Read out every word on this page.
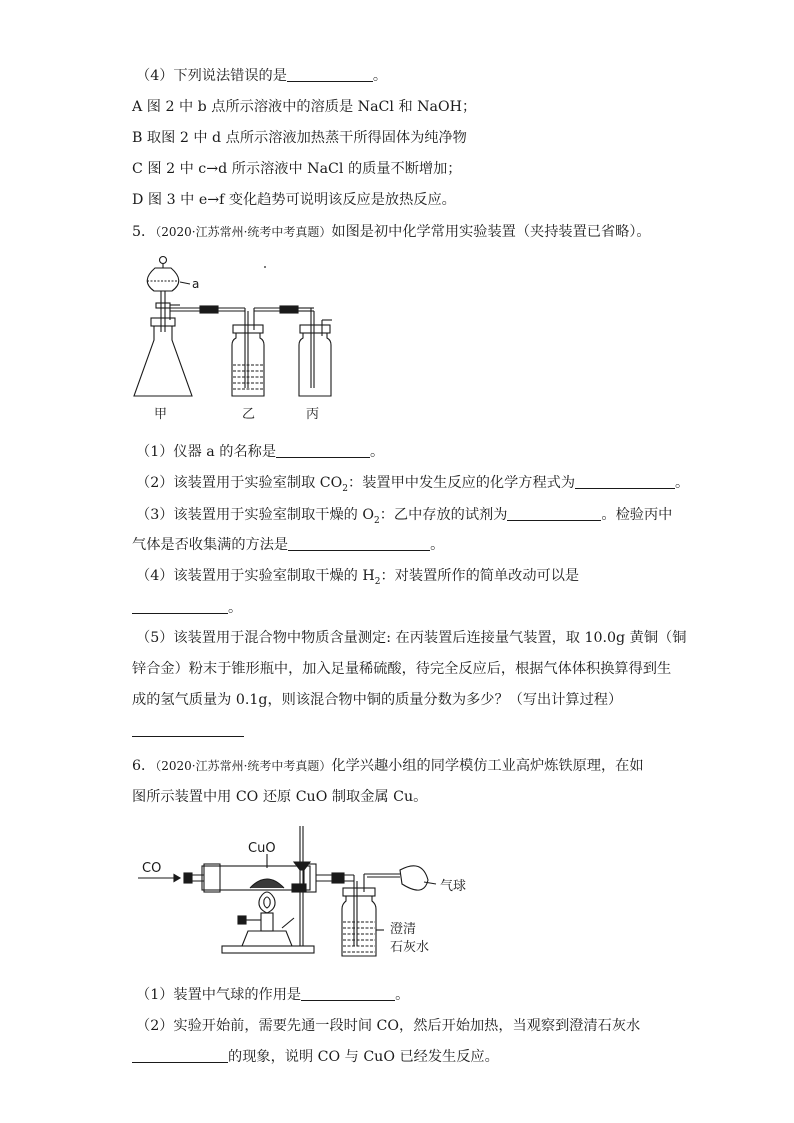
（4）下列说法错误的是	。
A 图 2 中 b 点所示溶液中的溶质是 NaCl 和 NaOH；
B 取图 2 中 d 点所示溶液加热蒸干所得固体为纯净物
C 图 2 中 c→d 所示溶液中 NaCl 的质量不断增加；
D 图 3 中 e→f 变化趋势可说明该反应是放热反应。
5．（2020·江苏常州·统考中考真题）如图是初中化学常用实验装置（夹持装置已省略）。
a
甲	乙	丙
（1）仪器 a 的名称是	。
（2）该装置用于实验室制取 $CO_2$：装置甲中发生反应的化学方程式为	。
（3）该装置用于实验室制取干燥的 $O_2$：乙中存放的试剂为	。检验丙中
气体是否收集满的方法是	。
（4）该装置用于实验室制取干燥的 $H_2$：对装置所作的简单改动可以是
。
（5）该装置用于混合物中物质含量测定: 在丙装置后连接量气装置，取 10.0g 黄铜（铜
锌合金）粉末于锥形瓶中，加入足量稀硫酸，待完全反应后，根据气体体积换算得到生
成的氢气质量为 0.1g，则该混合物中铜的质量分数为多少？（写出计算过程）
6．（2020·江苏常州·统考中考真题）化学兴趣小组的同学模仿工业高炉炼铁原理，在如
图所示装置中用 CO 还原 CuO 制取金属 Cu。
CO
CuO
气球
澄清
石灰水
（1）装置中气球的作用是	。
（2）实验开始前，需要先通一段时间 CO，然后开始加热，当观察到澄清石灰水
的现象，说明 CO 与 CuO 已经发生反应。
